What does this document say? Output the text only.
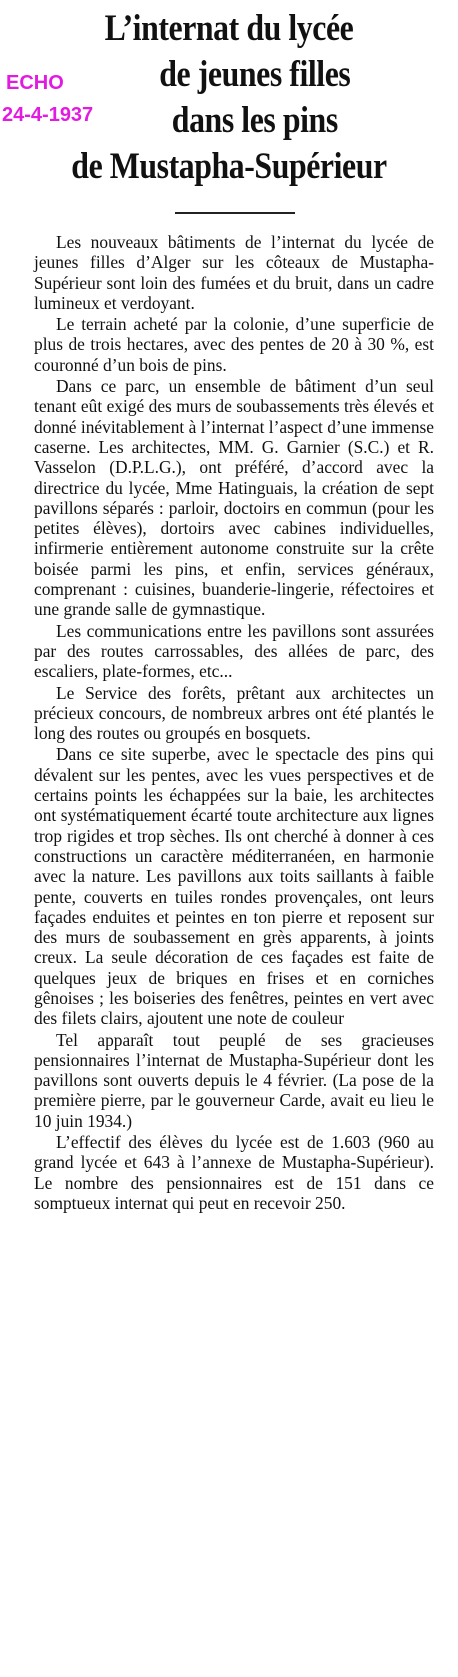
L’internat du lycée
de jeunes filles
dans les pins
de Mustapha-Supérieur
ECHO
24-4-1937

Les nouveaux bâtiments de l’internat du lycée de jeunes filles d’Alger sur les côteaux de Mustapha-Supérieur sont loin des fumées et du bruit, dans un cadre lumineux et verdoyant.

Le terrain acheté par la colonie, d’une superficie de plus de trois hectares, avec des pentes de 20 à 30 %, est couronné d’un bois de pins.

Dans ce parc, un ensemble de bâtiment d’un seul tenant eût exigé des murs de soubassements très élevés et donné inévitablement à l’internat l’aspect d’une immense caserne. Les architectes, MM. G. Garnier (S.C.) et R. Vasselon (D.P.L.G.), ont préféré, d’accord avec la directrice du lycée, Mme Hatinguais, la création de sept pavillons séparés : parloir, doctoirs en commun (pour les petites élèves), dortoirs avec cabines individuelles, infirmerie entièrement autonome construite sur la crête boisée parmi les pins, et enfin, services généraux, comprenant : cuisines, buanderie-lingerie, réfectoires et une grande salle de gymnastique.

Les communications entre les pavillons sont assurées par des routes carrossables, des allées de parc, des escaliers, plate-formes, etc...

Le Service des forêts, prêtant aux architectes un précieux concours, de nombreux arbres ont été plantés le long des routes ou groupés en bosquets.

Dans ce site superbe, avec le spectacle des pins qui dévalent sur les pentes, avec les vues perspectives et de certains points les échappées sur la baie, les architectes ont systématiquement écarté toute architecture aux lignes trop rigides et trop sèches. Ils ont cherché à donner à ces constructions un caractère méditerranéen, en harmonie avec la nature. Les pavillons aux toits saillants à faible pente, couverts en tuiles rondes provençales, ont leurs façades enduites et peintes en ton pierre et reposent sur des murs de soubassement en grès apparents, à joints creux. La seule décoration de ces façades est faite de quelques jeux de briques en frises et en corniches gênoises ; les boiseries des fenêtres, peintes en vert avec des filets clairs, ajoutent une note de couleur

Tel apparaît tout peuplé de ses gracieuses pensionnaires l’internat de Mustapha-Supérieur dont les pavillons sont ouverts depuis le 4 février. (La pose de la première pierre, par le gouverneur Carde, avait eu lieu le 10 juin 1934.)

L’effectif des élèves du lycée est de 1.603 (960 au grand lycée et 643 à l’annexe de Mustapha-Supérieur). Le nombre des pensionnaires est de 151 dans ce somptueux internat qui peut en recevoir 250.
